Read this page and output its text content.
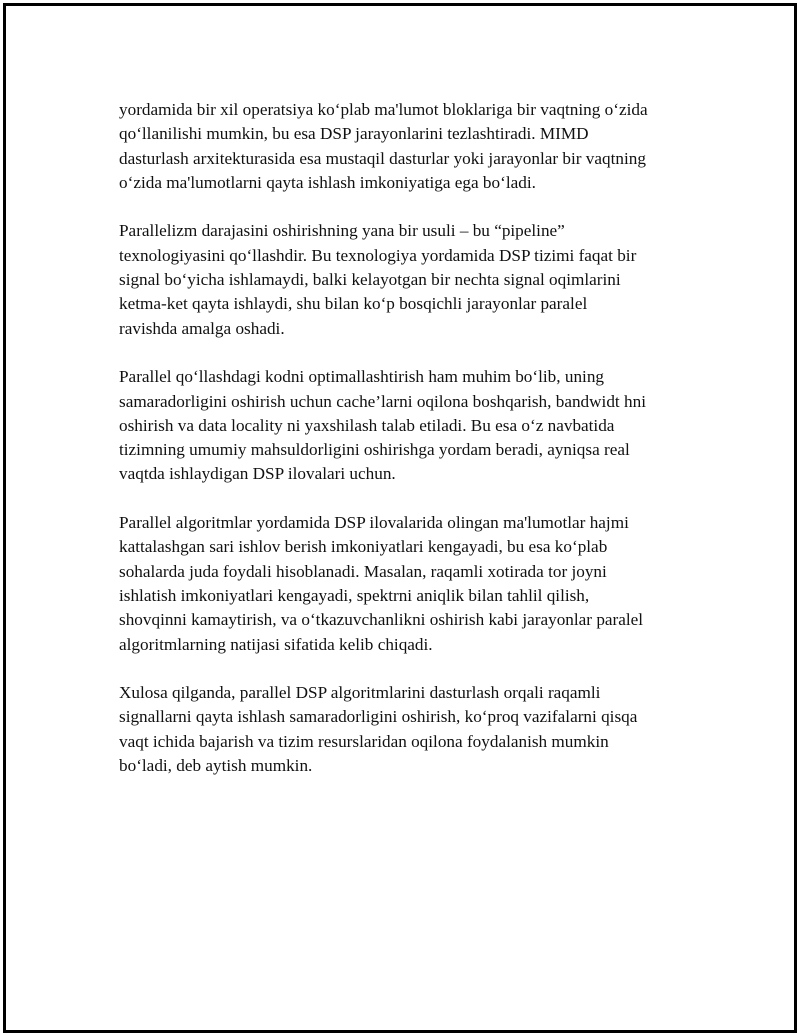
yordamida bir xil operatsiya ko‘plab ma'lumot bloklariga bir vaqtning o‘zida
qo‘llanilishi mumkin, bu esa DSP jarayonlarini tezlashtiradi. MIMD
dasturlash arxitekturasida esa mustaqil dasturlar yoki jarayonlar bir vaqtning
o‘zida ma'lumotlarni qayta ishlash imkoniyatiga ega bo‘ladi.

Parallelizm darajasini oshirishning yana bir usuli – bu “pipeline”
texnologiyasini qo‘llashdir. Bu texnologiya yordamida DSP tizimi faqat bir
signal bo‘yicha ishlamaydi, balki kelayotgan bir nechta signal oqimlarini
ketma-ket qayta ishlaydi, shu bilan ko‘p bosqichli jarayonlar paralel
ravishda amalga oshadi.

Parallel qo‘llashdagi kodni optimallashtirish ham muhim bo‘lib, uning
samaradorligini oshirish uchun cache’larni oqilona boshqarish, bandwidt hni
oshirish va data locality ni yaxshilash talab etiladi. Bu esa o‘z navbatida
tizimning umumiy mahsuldorligini oshirishga yordam beradi, ayniqsa real
vaqtda ishlaydigan DSP ilovalari uchun.

Parallel algoritmlar yordamida DSP ilovalarida olingan ma'lumotlar hajmi
kattalashgan sari ishlov berish imkoniyatlari kengayadi, bu esa ko‘plab
sohalarda juda foydali hisoblanadi. Masalan, raqamli xotirada tor joyni
ishlatish imkoniyatlari kengayadi, spektrni aniqlik bilan tahlil qilish,
shovqinni kamaytirish, va o‘tkazuvchanlikni oshirish kabi jarayonlar paralel
algoritmlarning natijasi sifatida kelib chiqadi.

Xulosa qilganda, parallel DSP algoritmlarini dasturlash orqali raqamli
signallarni qayta ishlash samaradorligini oshirish, ko‘proq vazifalarni qisqa
vaqt ichida bajarish va tizim resurslaridan oqilona foydalanish mumkin
bo‘ladi, deb aytish mumkin.
